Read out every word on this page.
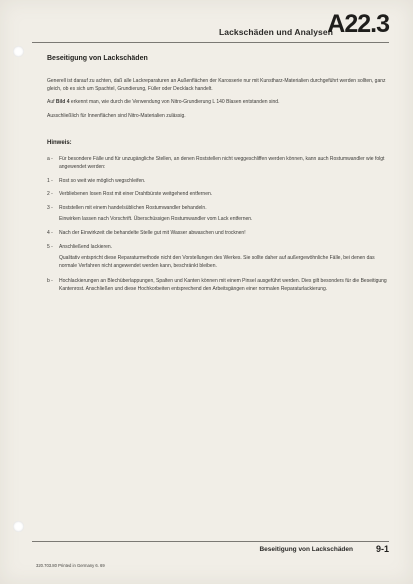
Lackschäden und Analysen
A22.3
Beseitigung von Lackschäden

Generell ist darauf zu achten, daß alle Lackreparaturen an Außenflächen der Karosserie nur mit Kunstharz-Materialien durchgeführt werden sollten, ganz gleich, ob es sich um Spachtel, Grundierung, Füller oder Decklack handelt.

Auf Bild 4 erkennt man, wie durch die Verwendung von Nitro-Grundierung L 140 Blasen entstanden sind.

Ausschließlich für Innenflächen sind Nitro-Materialien zulässig.

Hinweis:
a -	Für besondere Fälle und für unzugängliche Stellen, an denen Roststellen nicht weggeschliffen werden können, kann auch Rostumwandler wie folgt angewendet werden:
1 -	Rost so weit wie möglich wegschleifen.
2 -	Verbliebenen losen Rost mit einer Drahtbürste weitgehend entfernen.
3 -	Roststellen mit einem handelsüblichen Rostumwandler behandeln.
Einwirken lassen nach Vorschrift. Überschüssigen Rostumwandler vom Lack entfernen.
4 -	Nach der Einwirkzeit die behandelte Stelle gut mit Wasser abwaschen und trocknen!
5 -	Anschließend lackieren.
Qualitativ entspricht diese Reparaturmethode nicht den Vorstellungen des Werkes. Sie sollte daher auf außergewöhnliche Fälle, bei denen das normale Verfahren nicht angewendet werden kann, beschränkt bleiben.
b -	Hochlackierungen an Blechüberlappungen, Spalten und Kanten können mit einem Pinsel ausgeführt werden. Dies gilt besonders für die Beseitigung Kantenrost. Anschließen und diese Hochkorbeiten entsprechend den Arbeitsgängen einer normalen Reparaturlackierung.
Beseitigung von Lackschäden	9-1
320.703.80 Printed in Germany 6. 69
